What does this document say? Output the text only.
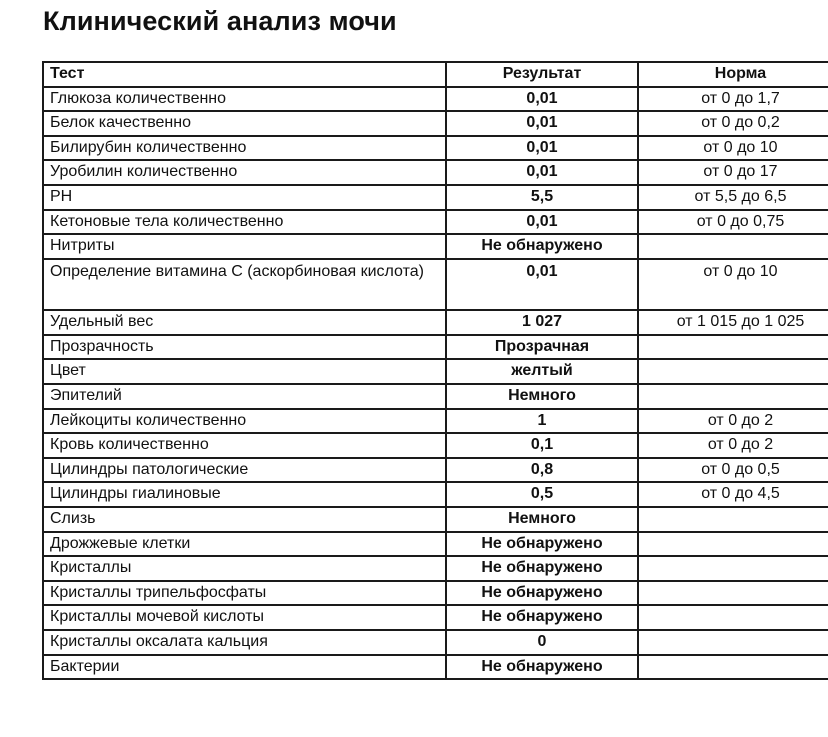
Клинический анализ мочи
Тест	Результат	Норма
Глюкоза количественно	0,01	от 0 до 1,7
Белок качественно	0,01	от 0 до 0,2
Билирубин количественно	0,01	от 0 до 10
Уробилин количественно	0,01	от 0 до 17
PH	5,5	от 5,5 до 6,5
Кетоновые тела количественно	0,01	от 0 до 0,75
Нитриты	Не обнаружено	
Определение витамина С (аскорбиновая кислота)	0,01	от 0 до 10
Удельный вес	1 027	от 1 015 до 1 025
Прозрачность	Прозрачная	
Цвет	желтый	
Эпителий	Немного	
Лейкоциты количественно	1	от 0 до 2
Кровь количественно	0,1	от 0 до 2
Цилиндры патологические	0,8	от 0 до 0,5
Цилиндры гиалиновые	0,5	от 0 до 4,5
Слизь	Немного	
Дрожжевые клетки	Не обнаружено	
Кристаллы	Не обнаружено	
Кристаллы трипельфосфаты	Не обнаружено	
Кристаллы мочевой кислоты	Не обнаружено	
Кристаллы оксалата кальция	0	
Бактерии	Не обнаружено	
